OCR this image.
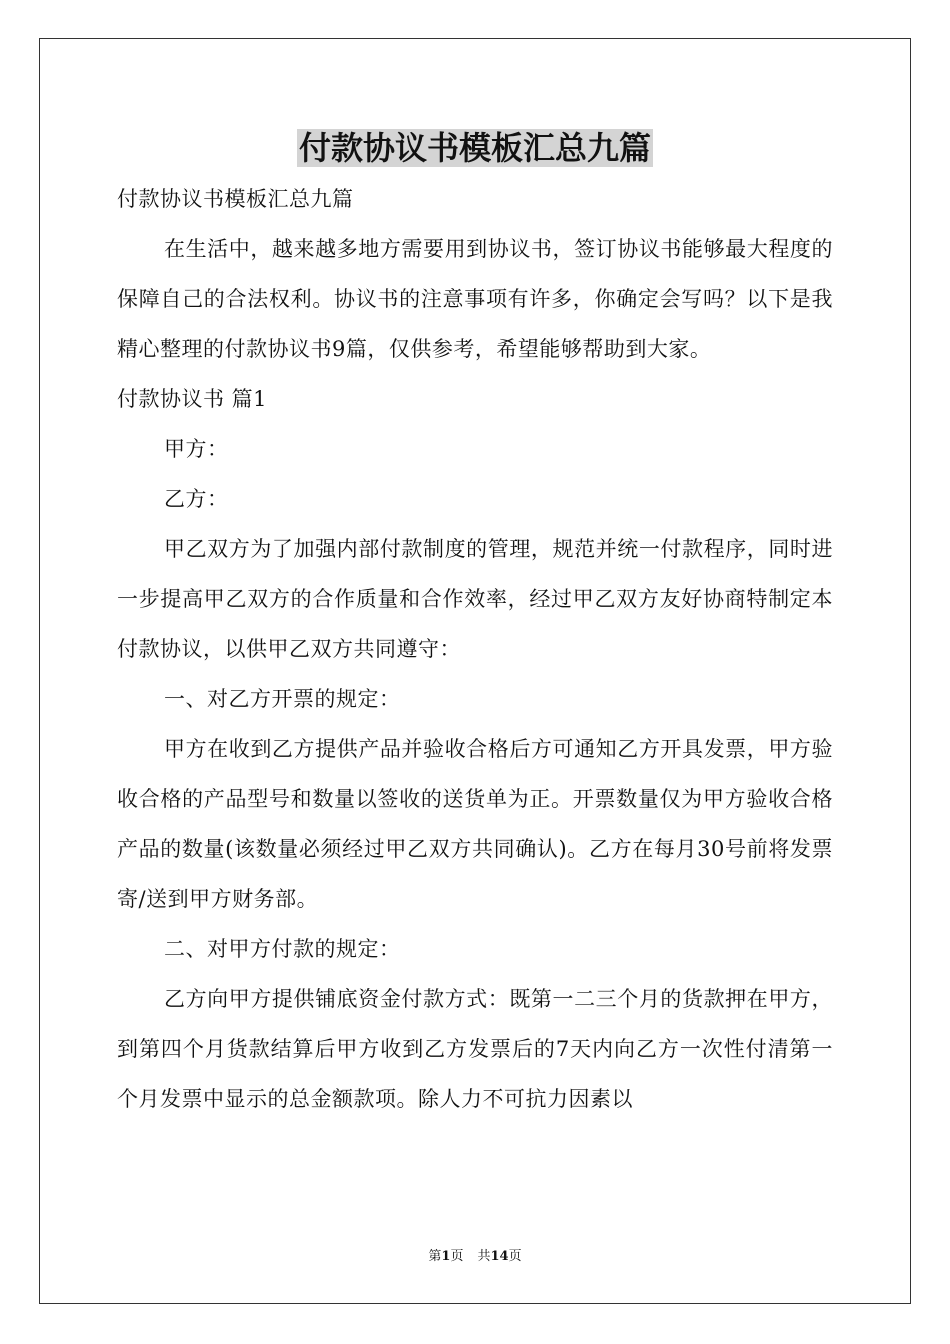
付款协议书模板汇总九篇

付款协议书模板汇总九篇

在生活中，越来越多地方需要用到协议书，签订协议书能够最大程度的保障自己的合法权利。协议书的注意事项有许多，你确定会写吗？以下是我精心整理的付款协议书9篇，仅供参考，希望能够帮助到大家。

付款协议书 篇1

甲方：

乙方：

甲乙双方为了加强内部付款制度的管理，规范并统一付款程序，同时进一步提高甲乙双方的合作质量和合作效率，经过甲乙双方友好协商特制定本付款协议，以供甲乙双方共同遵守：

一、对乙方开票的规定：

甲方在收到乙方提供产品并验收合格后方可通知乙方开具发票，甲方验收合格的产品型号和数量以签收的送货单为正。开票数量仅为甲方验收合格产品的数量(该数量必须经过甲乙双方共同确认)。乙方在每月30号前将发票寄/送到甲方财务部。

二、对甲方付款的规定：

乙方向甲方提供铺底资金付款方式：既第一二三个月的货款押在甲方，到第四个月货款结算后甲方收到乙方发票后的7天内向乙方一次性付清第一个月发票中显示的总金额款项。除人力不可抗力因素以

第1页 共14页
